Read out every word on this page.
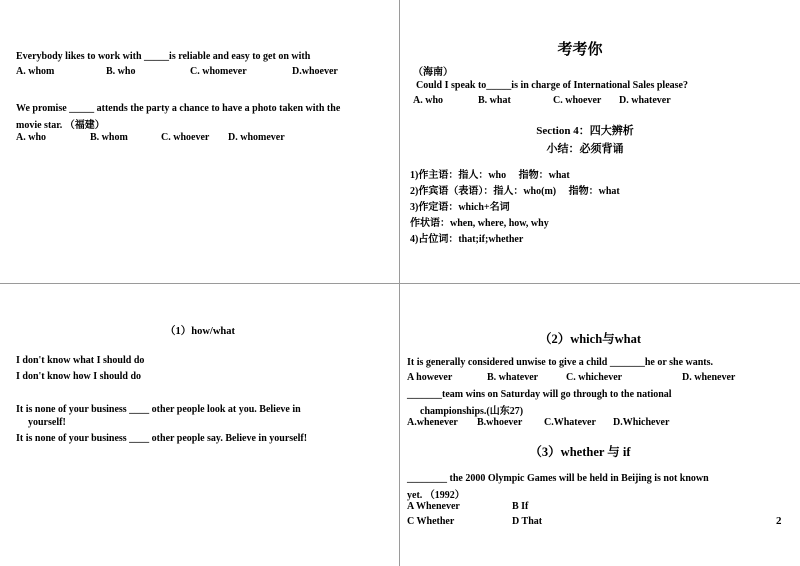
Everybody likes to work with _____is reliable and easy to get on with
A. whom	B. who	C. whomever	D.whoever
We promise _____ attends the party a chance to have a photo taken with the
movie star. （福建）
A. who	B. whom	C. whoever D. whomever
考考你
（海南）
Could I speak to_____is in charge of International Sales please?
A. who	B. what	C. whoever D. whatever
Section 4：四大辨析
小结：必须背诵
1)作主语：指人：who　 指物：what
2)作宾语（表语）：指人：who(m)　 指物：what
3)作定语：which+名词
作状语：when, where, how, why
4)占位词：that;if;whether
（1）how/what
I don't know what I should do
I don't know how I should do
It is none of your business ____ other people look at you. Believe in
yourself!
It is none of your business ____ other people say. Believe in yourself!
（2）which与what
It is generally considered unwise to give a child _______he or she wants.
A however	B. whatever	C. whichever	D. whenever
_______team wins on Saturday will go through to the national
championships.(山东27)
A.whenever B.whoever C.Whatever D.Whichever
（3）whether 与 if
________ the 2000 Olympic Games will be held in Beijing is not known
yet. （1992）
A Whenever	B If
C Whether	D That	2
